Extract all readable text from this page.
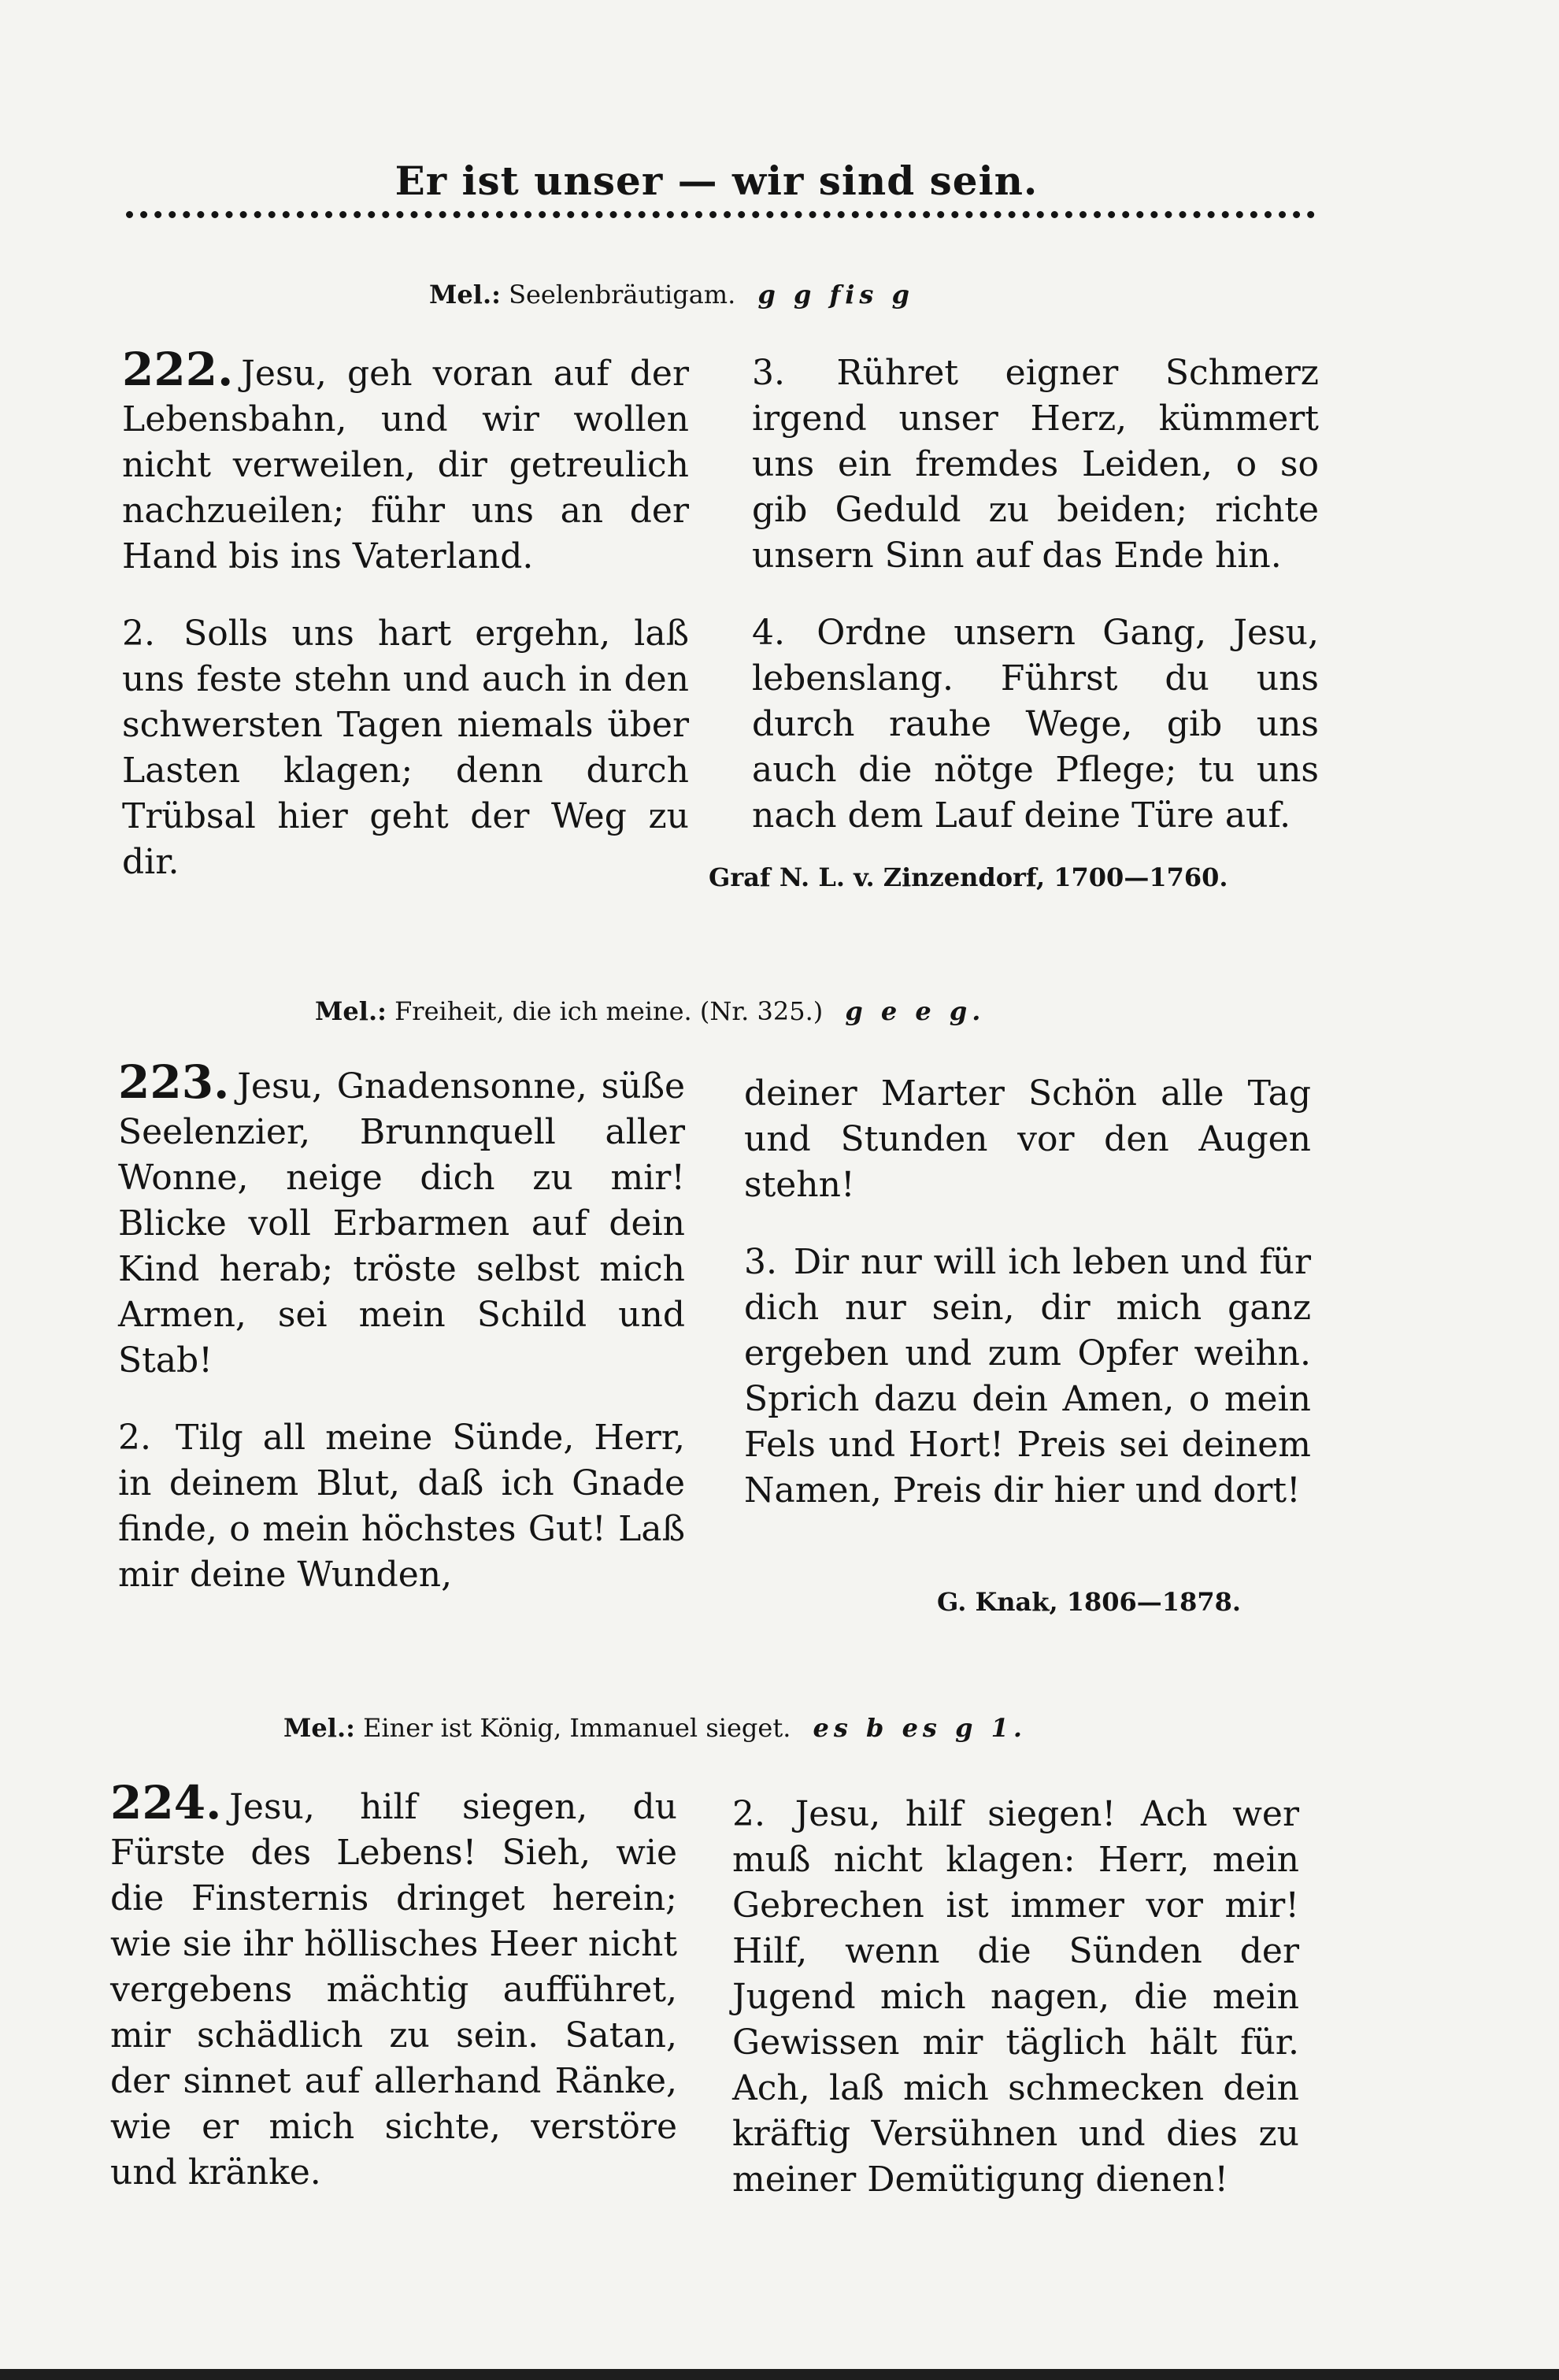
Er ist unser — wir sind sein.
Mel.: Seelenbräutigam. g g fis g

222. Jesu, geh voran auf der Lebensbahn, und wir wollen nicht verweilen, dir getreulich nachzueilen; führ uns an der Hand bis ins Vaterland.

2. Solls uns hart ergehn, laß uns feste stehn und auch in den schwersten Tagen niemals über Lasten klagen; denn durch Trübsal hier geht der Weg zu dir.

3. Rühret eigner Schmerz irgend unser Herz, kümmert uns ein fremdes Leiden, o so gib Geduld zu beiden; richte unsern Sinn auf das Ende hin.

4. Ordne unsern Gang, Jesu, lebenslang. Führst du uns durch rauhe Wege, gib uns auch die nötge Pflege; tu uns nach dem Lauf deine Türe auf.

Graf N. L. v. Zinzendorf, 1700—1760.
Mel.: Freiheit, die ich meine. (Nr. 325.) g e e g.

223. Jesu, Gnadensonne, süße Seelenzier, Brunnquell aller Wonne, neige dich zu mir! Blicke voll Erbarmen auf dein Kind herab; tröste selbst mich Armen, sei mein Schild und Stab!

2. Tilg all meine Sünde, Herr, in deinem Blut, daß ich Gnade finde, o mein höchstes Gut! Laß mir deine Wunden,

deiner Marter Schön alle Tag und Stunden vor den Augen stehn!

3. Dir nur will ich leben und für dich nur sein, dir mich ganz ergeben und zum Opfer weihn. Sprich dazu dein Amen, o mein Fels und Hort! Preis sei deinem Namen, Preis dir hier und dort!

G. Knak, 1806—1878.
Mel.: Einer ist König, Immanuel sieget. es b es g 1.

224. Jesu, hilf siegen, du Fürste des Lebens! Sieh, wie die Finsternis dringet herein; wie sie ihr höllisches Heer nicht vergebens mächtig aufführet, mir schädlich zu sein. Satan, der sinnet auf allerhand Ränke, wie er mich sichte, verstöre und kränke.

2. Jesu, hilf siegen! Ach wer muß nicht klagen: Herr, mein Gebrechen ist immer vor mir! Hilf, wenn die Sünden der Jugend mich nagen, die mein Gewissen mir täglich hält für. Ach, laß mich schmecken dein kräftig Versühnen und dies zu meiner Demütigung dienen!
